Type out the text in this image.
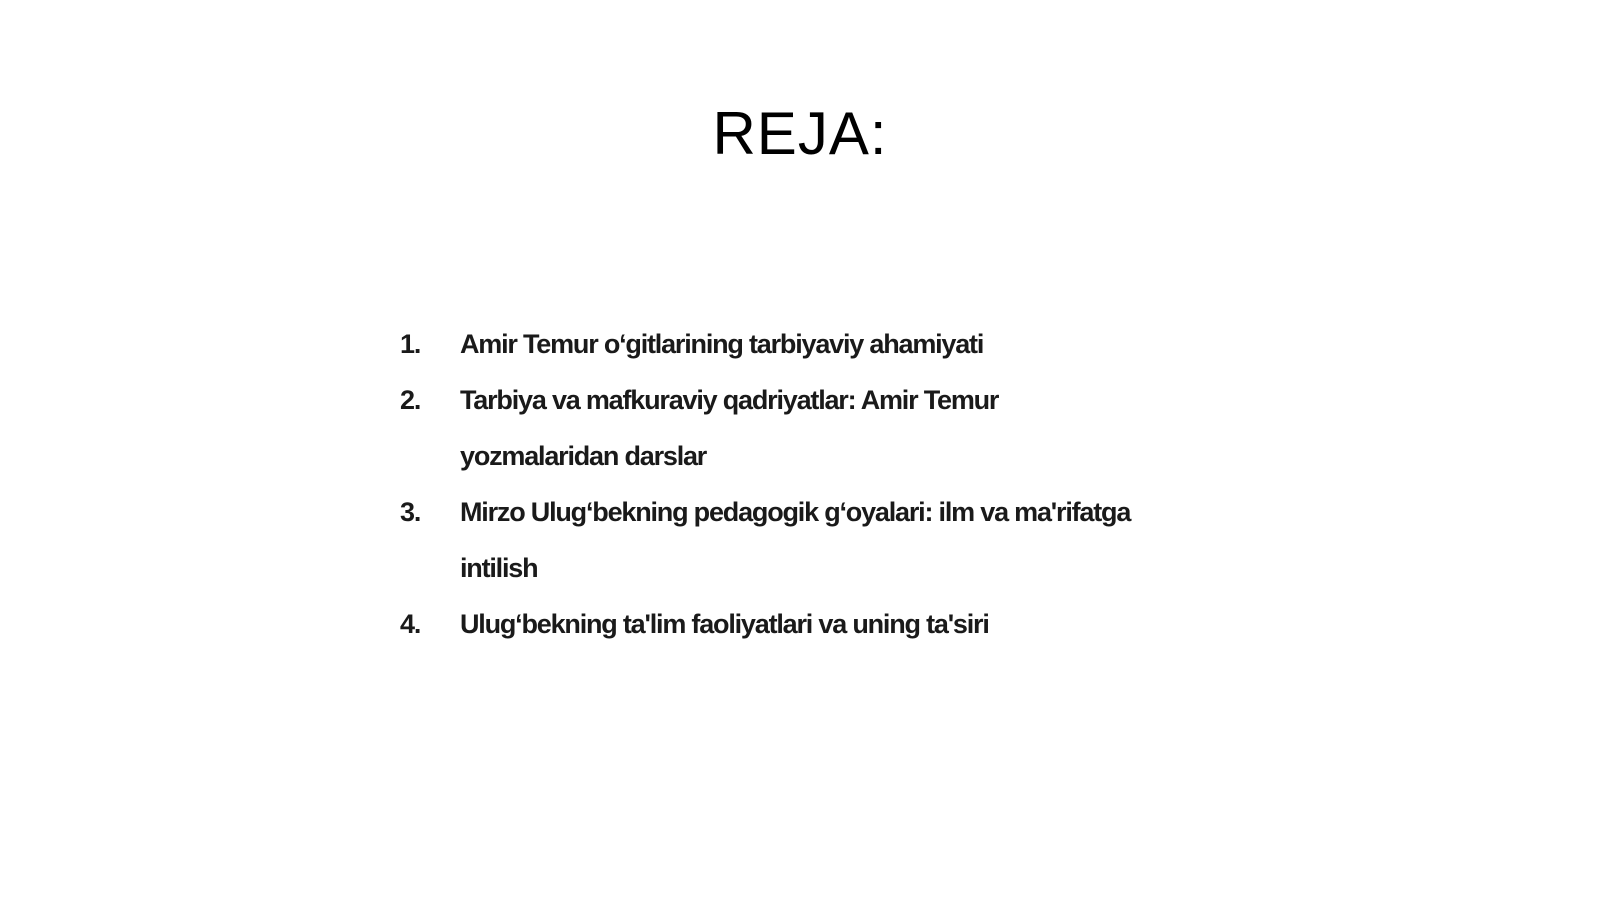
REJA:
1.	Amir Temur o‘gitlarining tarbiyaviy ahamiyati
2.	Tarbiya va mafkuraviy qadriyatlar: Amir Temur yozmalaridan darslar
3.	Mirzo Ulug‘bekning pedagogik g‘oyalari: ilm va ma'rifatga intilish
4.	Ulug‘bekning ta'lim faoliyatlari va uning ta'siri
